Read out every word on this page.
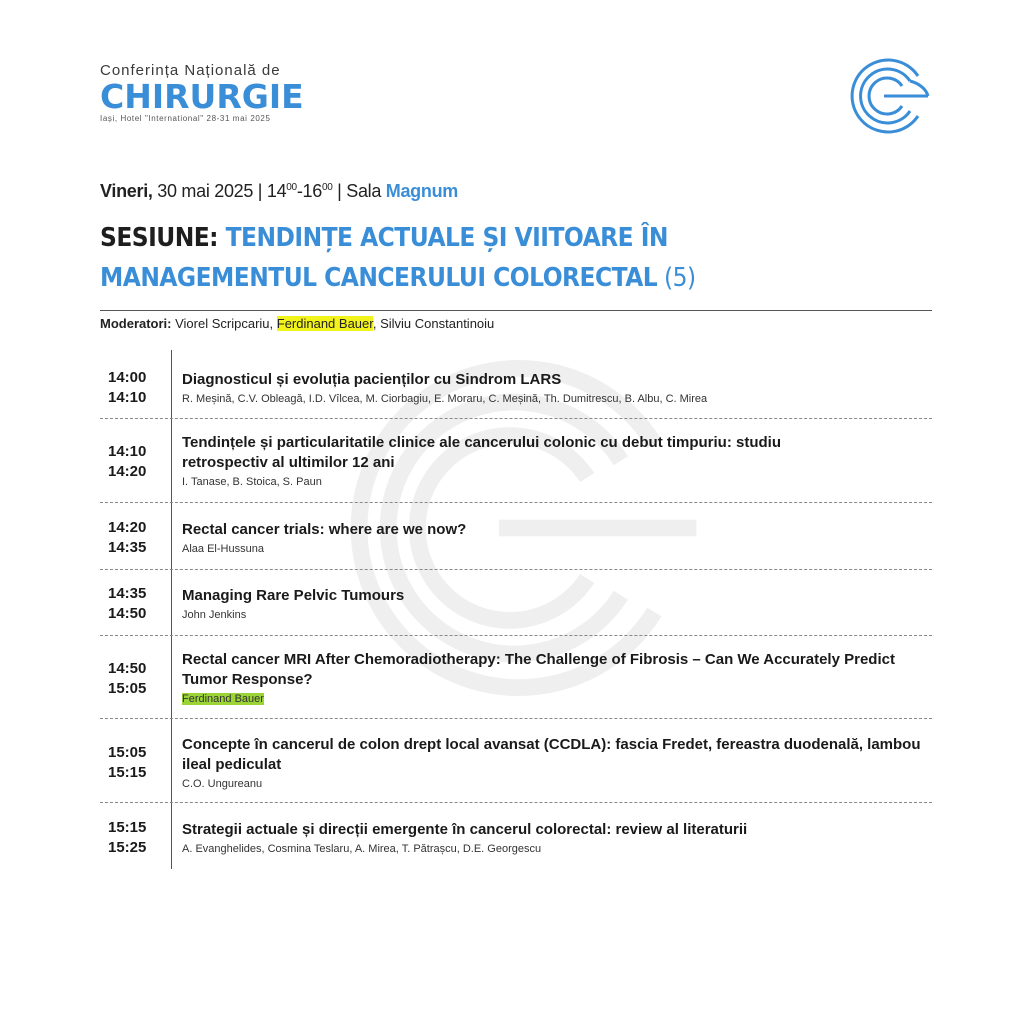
Conferința Națională de
CHIRURGIE
Iași, Hotel "International" 28-31 mai 2025
Vineri, 30 mai 2025 | $14^{00}-16^{00}$ | Sala Magnum
SESIUNE: TENDINȚE ACTUALE ȘI VIITOARE ÎN MANAGEMENTUL CANCERULUI COLORECTAL (5)
Moderatori: Viorel Scripcariu, Ferdinand Bauer, Silviu Constantinoiu
14:00
14:10
Diagnosticul și evoluția pacienților cu Sindrom LARS
R. Meșină, C.V. Obleagă, I.D. Vîlcea, M. Ciorbagiu, E. Moraru, C. Meșină, Th. Dumitrescu, B. Albu, C. Mirea
14:10
14:20
Tendințele și particularitatile clinice ale cancerului colonic cu debut timpuriu: studiu retrospectiv al ultimilor 12 ani
I. Tanase, B. Stoica, S. Paun
14:20
14:35
Rectal cancer trials: where are we now?
Alaa El-Hussuna
14:35
14:50
Managing Rare Pelvic Tumours
John Jenkins
14:50
15:05
Rectal cancer MRI After Chemoradiotherapy: The Challenge of Fibrosis – Can We Accurately Predict Tumor Response?
Ferdinand Bauer
15:05
15:15
Concepte în cancerul de colon drept local avansat (CCDLA): fascia Fredet, fereastra duodenală, lambou ileal pediculat
C.O. Ungureanu
15:15
15:25
Strategii actuale și direcții emergente în cancerul colorectal: review al literaturii
A. Evanghelides, Cosmina Teslaru, A. Mirea, T. Pătrașcu, D.E. Georgescu
